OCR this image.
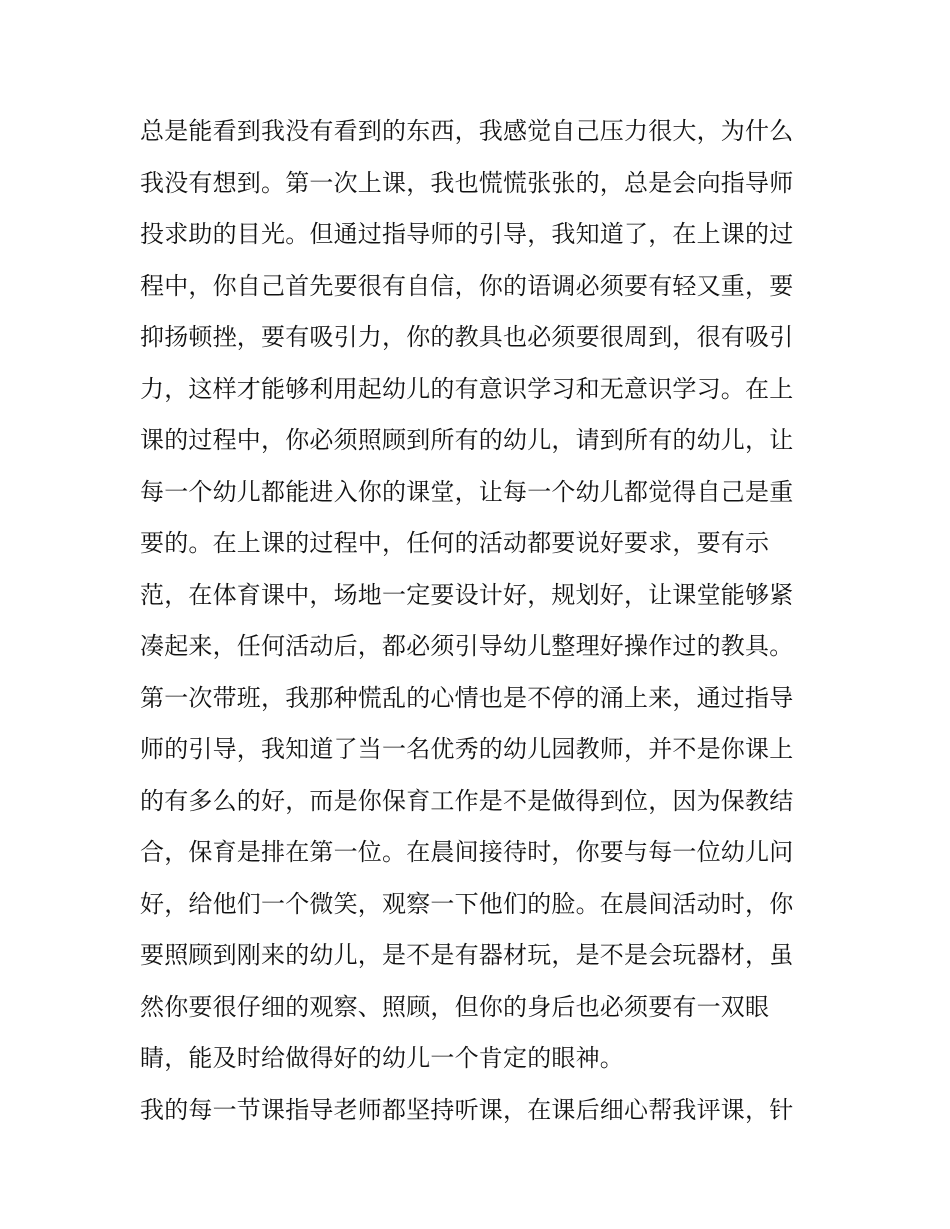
总是能看到我没有看到的东西，我感觉自己压力很大，为什么
我没有想到。第一次上课，我也慌慌张张的，总是会向指导师
投求助的目光。但通过指导师的引导，我知道了，在上课的过
程中，你自己首先要很有自信，你的语调必须要有轻又重，要
抑扬顿挫，要有吸引力，你的教具也必须要很周到，很有吸引
力，这样才能够利用起幼儿的有意识学习和无意识学习。在上
课的过程中，你必须照顾到所有的幼儿，请到所有的幼儿，让
每一个幼儿都能进入你的课堂，让每一个幼儿都觉得自己是重
要的。在上课的过程中，任何的活动都要说好要求，要有示
范，在体育课中，场地一定要设计好，规划好，让课堂能够紧
凑起来，任何活动后，都必须引导幼儿整理好操作过的教具。
第一次带班，我那种慌乱的心情也是不停的涌上来，通过指导
师的引导，我知道了当一名优秀的幼儿园教师，并不是你课上
的有多么的好，而是你保育工作是不是做得到位，因为保教结
合，保育是排在第一位。在晨间接待时，你要与每一位幼儿问
好，给他们一个微笑，观察一下他们的脸。在晨间活动时，你
要照顾到刚来的幼儿，是不是有器材玩，是不是会玩器材，虽
然你要很仔细的观察、照顾，但你的身后也必须要有一双眼
睛，能及时给做得好的幼儿一个肯定的眼神。
我的每一节课指导老师都坚持听课，在课后细心帮我评课，针
